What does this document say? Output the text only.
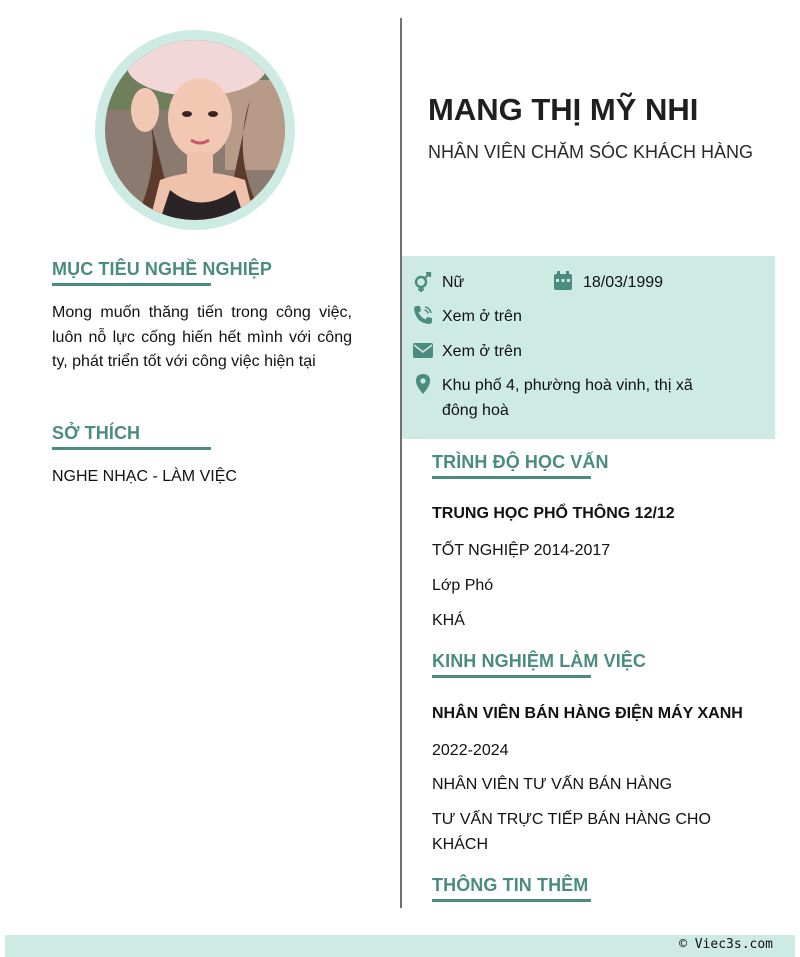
MỤC TIÊU NGHỀ NGHIỆP
Mong muốn thăng tiến trong công việc, luôn nỗ lực cống hiến hết mình với công ty, phát triển tốt với công việc hiện tại
SỞ THÍCH
NGHE NHẠC - LÀM VIỆC
MANG THỊ MỸ NHI
NHÂN VIÊN CHĂM SÓC KHÁCH HÀNG
Nữ	18/03/1999
Xem ở trên
Xem ở trên
Khu phố 4, phường hoà vinh, thị xã
đông hoà
TRÌNH ĐỘ HỌC VẤN
TRUNG HỌC PHỔ THÔNG 12/12
TỐT NGHIỆP 2014-2017
Lớp Phó
KHÁ
KINH NGHIỆM LÀM VIỆC
NHÂN VIÊN BÁN HÀNG ĐIỆN MÁY XANH
2022-2024
NHÂN VIÊN TƯ VẤN BÁN HÀNG
TƯ VẤN TRỰC TIẾP BÁN HÀNG CHO
KHÁCH
THÔNG TIN THÊM
© Viec3s.com
